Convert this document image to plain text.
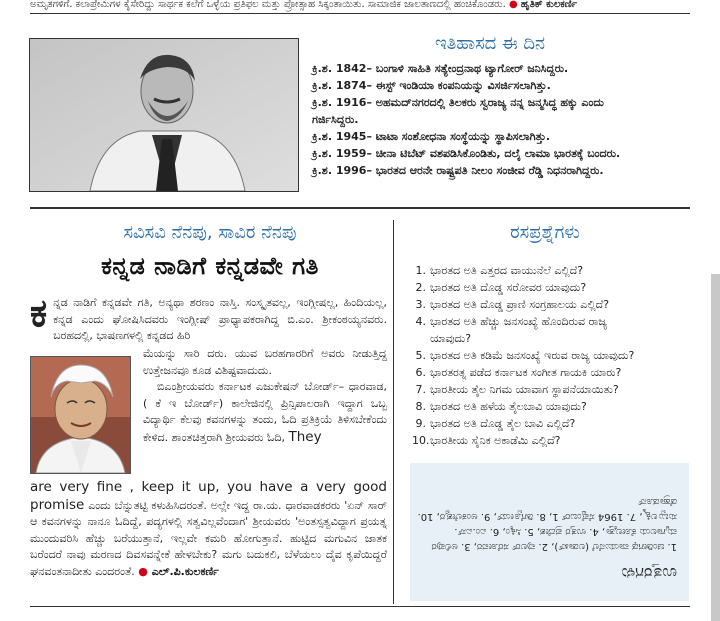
ಅಮೃತಗಳಿಗೆ. ಕಲಾಪ್ರೇಮಿಗಳ ಕೈಸೇರಿದ್ದು ಸಾರ್ಥಕ ಕಲೆಗೆ ಒಳ್ಳೆಯ ಪ್ರತಿಫಲ ಮತ್ತು ಪ್ರೋತ್ಸಾಹ ಸಿಕ್ಕಂತಾಯಿತು. ಸಾಮಾಜಿಕ ಜಾಲತಾಣದಲ್ಲಿ ಹಂಚಿಕೊಂಡರು. ● ಹೃತಿಕ್ ಕುಲಕರ್ಣಿ
ಇತಿಹಾಸದ ಈ ದಿನ
ಕ್ರಿ.ಶ. 1842– ಬಂಗಾಳಿ ಸಾಹಿತಿ ಸತ್ಯೇಂದ್ರನಾಥ ಟ್ಯಾಗೋರ್ ಜನಿಸಿದ್ದರು.
ಕ್ರಿ.ಶ. 1874– ಈಸ್ಟ್ ಇಂಡಿಯಾ ಕಂಪನಿಯನ್ನು ವಿಸರ್ಜಿಸಲಾಗಿತ್ತು.
ಕ್ರಿ.ಶ. 1916– ಅಹಮದ್‌ನಗರದಲ್ಲಿ ತಿಲಕರು ಸ್ವರಾಜ್ಯ ನನ್ನ ಜನ್ಮಸಿದ್ಧ ಹಕ್ಕು ಎಂದು
ಗರ್ಜಿಸಿದ್ದರು.
ಕ್ರಿ.ಶ. 1945– ಟಾಟಾ ಸಂಶೋಧನಾ ಸಂಸ್ಥೆಯನ್ನು ಸ್ಥಾಪಿಸಲಾಗಿತ್ತು.
ಕ್ರಿ.ಶ. 1959– ಚೀನಾ ಟಿಬೆಟ್ ವಶಪಡಿಸಿಕೊಂಡಿತು, ದಲೈ ಲಾಮಾ ಭಾರತಕ್ಕೆ ಬಂದರು.
ಕ್ರಿ.ಶ. 1996– ಭಾರತದ ಆರನೇ ರಾಷ್ಟ್ರಪತಿ ನೀಲಂ ಸಂಜೀವ ರೆಡ್ಡಿ ನಿಧನರಾಗಿದ್ದರು.
ಸವಿಸವಿ ನೆನಪು, ಸಾವಿರ ನೆನಪು
ಕನ್ನಡ ನಾಡಿಗೆ ಕನ್ನಡವೇ ಗತಿ

ಕನ್ನಡ ನಾಡಿಗೆ ಕನ್ನಡವೇ ಗತಿ, ಅನ್ಯಥಾ ಶರಣಂ ನಾಸ್ತಿ. ಸಂಸ್ಕೃತವಲ್ಲ, ಇಂಗ್ಲೀಷಲ್ಲ, ಹಿಂದಿಯಲ್ಲ, ಕನ್ನಡ ಎಂದು ಘೋಷಿಸಿದವರು ಇಂಗ್ಲೀಷ್ ಪ್ರಾಧ್ಯಾಪಕರಾಗಿದ್ದ ಬಿ.ಎಂ. ಶ್ರೀಕಂಠಯ್ಯನವರು. ಬರಹದಲ್ಲಿ, ಭಾಷಣಗಳಲ್ಲಿ ಕನ್ನಡದ ಹಿರಿ

ಮೆಯನ್ನು ಸಾರಿ ದರು. ಯುವ ಬರಹಗಾರರಿಗೆ ಅವರು ನೀಡುತ್ತಿದ್ದ ಉತ್ತೇಜನವೂ ಕೂಡ ವಿಶಿಷ್ಟವಾದುದು.

ಬಿಎಂಶ್ರೀಯವರು ಕರ್ನಾಟಕ ಎಜುಕೇಷನ್ ಬೋರ್ಡ್– ಧಾರವಾಡ,( ಕೆ ಇ ಬೋರ್ಡ್) ಕಾಲೇಜಿನಲ್ಲಿ ಪ್ರಿನ್ಸಿಪಾಲರಾಗಿ ಇದ್ದಾಗ ಒಬ್ಬ ವಿದ್ಯಾರ್ಥಿ ಕೆಲವು ಕವನಗಳನ್ನು ತಂದು, ಓದಿ ಪ್ರತಿಕ್ರಿಯೆ ತಿಳಿಸಬೇಕೆಂದು ಕೇಳಿದ. ಶಾಂತಚಿತ್ತರಾಗಿ ಶ್ರೀಯವರು ಓದಿ, They

are very fine , keep it up, you have a very good promise ಎಂದು ಬೆನ್ನುತಟ್ಟಿ ಕಳುಹಿಸಿದರಂತೆ. ಅಲ್ಲೇ ಇದ್ದ ರಾ.ಯ. ಧಾರವಾಡಕರರು 'ಏನ್ ಸಾರ್ ಆ ಕವನಗಳನ್ನು ನಾನೂ ಓದಿದ್ದೆ, ಪದ್ಯಗಳಲ್ಲಿ ಸತ್ವವಿಲ್ಲವೆಂದಾಗ' ಶ್ರೀಯವರು 'ಅಂತಸ್ಸತ್ವವಿದ್ದಾಗ ಪ್ರಯತ್ನ ಮುಂದುವರಿಸಿ ಹೆಚ್ಚು ಬರೆಯುತ್ತಾನೆ, ಇಲ್ಲವೇ ಕಮರಿ ಹೋಗುತ್ತಾನೆ. ಹುಟ್ಟಿದ ಮಗುವಿನ ಜಾತಕ ಬರೆಂದರೆ ನಾವು ಮರಣದ ದಿವಸವನ್ನೇಕೆ ಹೇಳಬೇಕು? ಮಗು ಬದುಕಲಿ, ಬೆಳೆಯಲು ದೈವ ಕೃಪೆಯಿದ್ದರೆ ಘನವಂತನಾದೀತು ಎಂದರಂತೆ. ● ಎಲ್.ಪಿ.ಕುಲಕರ್ಣಿ

ರಸಪ್ರಶ್ನೆಗಳು
1. ಭಾರತದ ಅತಿ ಎತ್ತರದ ವಾಯುನೆಲೆ ಎಲ್ಲಿದೆ?
2. ಭಾರತದ ಅತಿ ದೊಡ್ಡ ಸರೋವರ ಯಾವುದು?
3. ಭಾರತದ ಅತಿ ದೊಡ್ಡ ಪ್ರಾಣಿ ಸಂಗ್ರಹಾಲಯ ಎಲ್ಲಿದೆ?
4. ಭಾರತದ ಅತಿ ಹೆಚ್ಚು ಜನಸಂಖ್ಯೆ ಹೊಂದಿರುವ ರಾಜ್ಯ
ಯಾವುದು?
5. ಭಾರತದ ಅತಿ ಕಡಿಮೆ ಜನಸಂಖ್ಯೆ ಇರುವ ರಾಜ್ಯ ಯಾವುದು?
6. ಭಾರತರತ್ನ ಪಡೆದ ಕರ್ನಾಟಕ ಸಂಗೀತ ಗಾಯಕಿ ಯಾರು?
7. ಭಾರತೀಯ ತೈಲ ನಿಗಮ ಯಾವಾಗ ಸ್ಥಾಪನೆಯಾಯಿತು?
8. ಭಾರತದ ಅತಿ ಹಳೆಯ ತೈಲಬಾವಿ ಯಾವುದು?
9. ಭಾರತದ ಅತಿ ದೊಡ್ಡ ತೈಲ ಬಾವಿ ಎಲ್ಲಿದೆ?
10.ಭಾರತೀಯ ಸೈನಿಕ ಅಕಾಡೆಮಿ ಎಲ್ಲಿದೆ?
ಉತ್ತರಗಳು
1. ಚಂಡೀಗಢ ವಾಯುನೆಲೆ (ಲಡಾಖ್), 2. ವುಲರ್ ಸರೋವರ, 3. ಅಲಿಪುರ ಮೃಗಾಲಯ ಕೋಲ್ಕತ್ತಾ, 4. ಉತ್ತರ ಪ್ರದೇಶ, 5. ಸಿಕ್ಕಿಂ, 6. ಎಂ.ಎಸ್. ಸುಬ್ಬುಲಕ್ಷ್ಮಿ, 7. 1964 ಸೆಪ್ಟೆಂಬರ್ 1, 8. ಡಿಗ್ಬೋಯ್, 9. ಅಂಕಲೇಶ್ವರ, 10. ಡೆಹ್ರಾಡೂನ್
